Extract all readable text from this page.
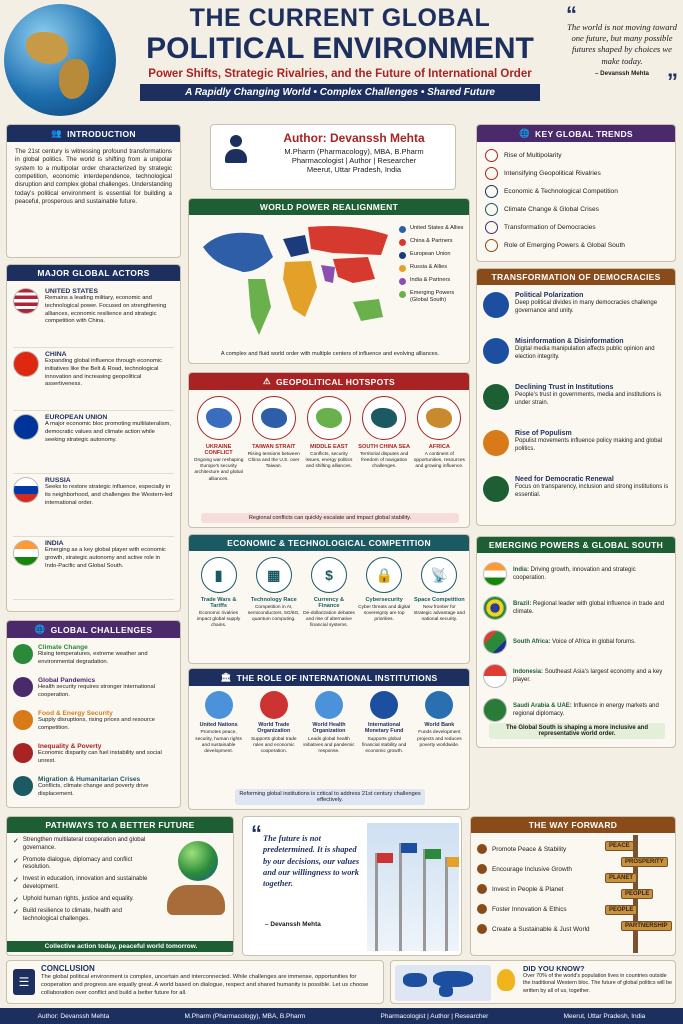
THE CURRENT GLOBAL
POLITICAL ENVIRONMENT
Power Shifts, Strategic Rivalries, and the Future of International Order
A Rapidly Changing World • Complex Challenges • Shared Future
“
The world is not moving toward one future, but many possible futures shaped by choices we make today.
– Devanssh Mehta ”
👥 INTRODUCTION
The 21st century is witnessing profound transformations in global politics. The world is shifting from a unipolar system to a multipolar order characterized by strategic competition, economic interdependence, technological disruption and complex global challenges. Understanding today's political environment is essential for building a peaceful, prosperous and sustainable future.
MAJOR GLOBAL ACTORS
UNITED STATES
Remains a leading military, economic and technological power. Focused on strengthening alliances, economic resilience and strategic competition with China.
CHINA
Expanding global influence through economic initiatives like the Belt & Road, technological innovation and increasing geopolitical assertiveness.
EUROPEAN UNION
A major economic bloc promoting multilateralism, democratic values and climate action while seeking strategic autonomy.
RUSSIA
Seeks to restore strategic influence, especially in its neighborhood, and challenges the Western-led international order.
INDIA
Emerging as a key global player with economic growth, strategic autonomy and active role in Indo-Pacific and Global South.
🌐 GLOBAL CHALLENGES
Climate Change
Rising temperatures, extreme weather and environmental degradation.
Global Pandemics
Health security requires stronger international cooperation.
Food & Energy Security
Supply disruptions, rising prices and resource competition.
Inequality & Poverty
Economic disparity can fuel instability and social unrest.
Migration & Humanitarian Crises
Conflicts, climate change and poverty drive displacement.
Author: Devanssh Mehta
M.Pharm (Pharmacology), MBA, B.Pharm
Pharmacologist | Author | Researcher
Meerut, Uttar Pradesh, India
WORLD POWER REALIGNMENT
United States & Allies
China & Partners
European Union
Russia & Allies
India & Partners
Emerging Powers (Global South)
A complex and fluid world order with multiple centers of influence and evolving alliances.
⚠ GEOPOLITICAL HOTSPOTS
UKRAINE CONFLICT
Ongoing war reshaping Europe's security architecture and global alliances.
TAIWAN STRAIT
Rising tensions between China and the U.S. over Taiwan.
MIDDLE EAST
Conflicts, security issues, energy politics and shifting alliances.
SOUTH CHINA SEA
Territorial disputes and freedom of navigation challenges.
AFRICA
A continent of opportunities, resources and growing influence.
Regional conflicts can quickly escalate and impact global stability.
ECONOMIC & TECHNOLOGICAL COMPETITION
▮
Trade Wars & Tariffs
Economic rivalries impact global supply chains.
▦
Technology Race
Competition in AI, semiconductors, 5G/6G, quantum computing.
$
Currency & Finance
De-dollarization debates and rise of alternative financial systems.
🔒
Cybersecurity
Cyber threats and digital sovereignty are top priorities.
📡
Space Competition
New frontier for strategic advantage and national security.
🏛 THE ROLE OF INTERNATIONAL INSTITUTIONS
United Nations
Promotes peace, security, human rights and sustainable development.
World Trade Organization
Supports global trade rules and economic cooperation.
World Health Organization
Leads global health initiatives and pandemic response.
International Monetary Fund
Supports global financial stability and economic growth.
World Bank
Funds development projects and reduces poverty worldwide.
Reforming global institutions is critical to address 21st century challenges effectively.
🌐 KEY GLOBAL TRENDS
Rise of Multipolarity
Intensifying Geopolitical Rivalries
Economic & Technological Competition
Climate Change & Global Crises
Transformation of Democracies
Role of Emerging Powers & Global South
TRANSFORMATION OF DEMOCRACIES
Political Polarization
Deep political divides in many democracies challenge governance and unity.
Misinformation & Disinformation
Digital media manipulation affects public opinion and election integrity.
Declining Trust in Institutions
People's trust in governments, media and institutions is under strain.
Rise of Populism
Populist movements influence policy making and global politics.
Need for Democratic Renewal
Focus on transparency, inclusion and strong institutions is essential.
EMERGING POWERS & GLOBAL SOUTH
India: Driving growth, innovation and strategic cooperation.
Brazil: Regional leader with global influence in trade and climate.
South Africa: Voice of Africa in global forums.
Indonesia: Southeast Asia's largest economy and a key player.
Saudi Arabia & UAE: Influence in energy markets and regional diplomacy.
The Global South is shaping a more inclusive and representative world order.
PATHWAYS TO A BETTER FUTURE
✓ Strengthen multilateral cooperation and global governance.
✓ Promote dialogue, diplomacy and conflict resolution.
✓ Invest in education, innovation and sustainable development.
✓ Uphold human rights, justice and equality.
✓ Build resilience to climate, health and technological challenges.
Collective action today, peaceful world tomorrow.
“ The future is not predetermined. It is shaped by our decisions, our values and our willingness to work together.
– Devanssh Mehta
THE WAY FORWARD
Promote Peace & Stability
Encourage Inclusive Growth
Invest in People & Planet
Foster Innovation & Ethics
Create a Sustainable & Just World
PEACE
PROSPERITY
PLANET
PEOPLE
PEOPLE
PARTNERSHIP
☰
CONCLUSION
The global political environment is complex, uncertain and interconnected. While challenges are immense, opportunities for cooperation and progress are equally great. A world based on dialogue, respect and shared humanity is possible. Let us choose collaboration over conflict and build a better future for all.
DID YOU KNOW?
Over 70% of the world's population lives in countries outside the traditional Western bloc. The future of global politics will be written by all of us, together.
Author: Devanssh Mehta	M.Pharm (Pharmacology), MBA, B.Pharm	Pharmacologist | Author | Researcher	Meerut, Uttar Pradesh, India
